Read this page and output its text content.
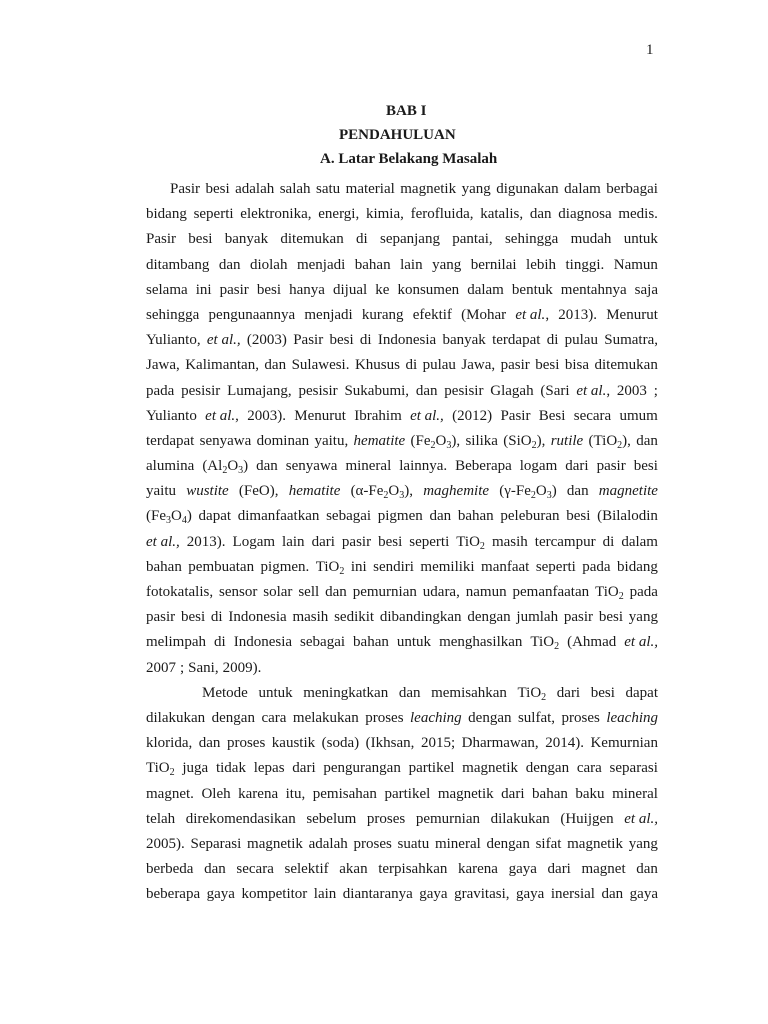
1
BAB I
PENDAHULUAN
A. Latar Belakang Masalah
Pasir besi adalah salah satu material magnetik yang digunakan dalam berbagai
bidang seperti elektronika, energi, kimia, ferofluida, katalis, dan diagnosa medis.
Pasir besi banyak ditemukan di sepanjang pantai, sehingga mudah untuk
ditambang dan diolah menjadi bahan lain yang bernilai lebih tinggi. Namun
selama ini pasir besi hanya dijual ke konsumen dalam bentuk mentahnya saja
sehingga pengunaannya menjadi kurang efektif (Mohar et al., 2013). Menurut
Yulianto, et al., (2003) Pasir besi di Indonesia banyak terdapat di pulau Sumatra,
Jawa, Kalimantan, dan Sulawesi. Khusus di pulau Jawa, pasir besi bisa ditemukan
pada pesisir Lumajang, pesisir Sukabumi, dan pesisir Glagah (Sari et al., 2003 ;
Yulianto et al., 2003). Menurut Ibrahim et al., (2012) Pasir Besi secara umum
terdapat senyawa dominan yaitu, hematite $(Fe_2O_3)$, silika (SiO$_2$), rutile (TiO$_2$), dan
alumina $(Al_2O_3)$ dan senyawa mineral lainnya. Beberapa logam dari pasir besi
yaitu wustite (FeO), hematite $(\alpha-Fe_2O_3)$, maghemite $(\gamma-Fe_2O_3)$ dan magnetite
$(Fe_3O_4)$ dapat dimanfaatkan sebagai pigmen dan bahan peleburan besi (Bilalodin
et al., 2013). Logam lain dari pasir besi seperti TiO$_2$ masih tercampur di dalam
bahan pembuatan pigmen. TiO$_2$ ini sendiri memiliki manfaat seperti pada bidang
fotokatalis, sensor solar sell dan pemurnian udara, namun pemanfaatan TiO$_2$ pada
pasir besi di Indonesia masih sedikit dibandingkan dengan jumlah pasir besi yang
melimpah di Indonesia sebagai bahan untuk menghasilkan TiO$_2$ (Ahmad et al.,
2007 ; Sani, 2009).
Metode untuk meningkatkan dan memisahkan TiO$_2$ dari besi dapat
dilakukan dengan cara melakukan proses leaching dengan sulfat, proses leaching
klorida, dan proses kaustik (soda) (Ikhsan, 2015; Dharmawan, 2014). Kemurnian
TiO$_2$ juga tidak lepas dari pengurangan partikel magnetik dengan cara separasi
magnet. Oleh karena itu, pemisahan partikel magnetik dari bahan baku mineral
telah direkomendasikan sebelum proses pemurnian dilakukan (Huijgen et al.,
2005). Separasi magnetik adalah proses suatu mineral dengan sifat magnetik yang
berbeda dan secara selektif akan terpisahkan karena gaya dari magnet dan
beberapa gaya kompetitor lain diantaranya gaya gravitasi, gaya inersial dan gaya
